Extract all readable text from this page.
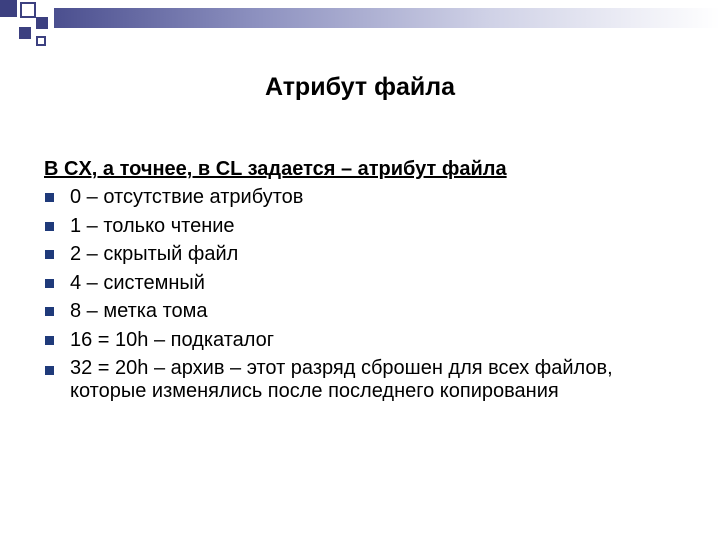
Атрибут файла
В CX, а точнее, в CL задается – атрибут файла
0 – отсутствие атрибутов
1 – только чтение
2 – скрытый файл
4 – системный
8 – метка тома
16 = 10h – подкаталог
32 = 20h – архив – этот разряд сброшен для всех файлов, которые изменялись после последнего копирования
